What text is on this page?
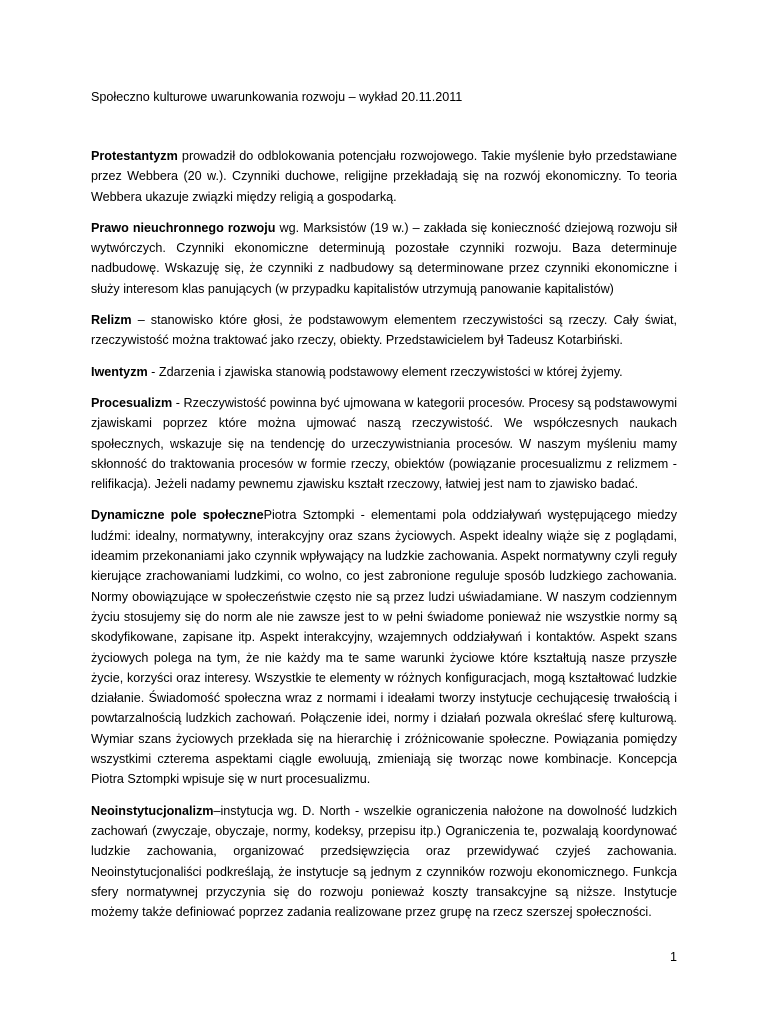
Społeczno kulturowe uwarunkowania rozwoju – wykład 20.11.2011

Protestantyzm prowadził do odblokowania potencjału rozwojowego. Takie myślenie było przedstawiane przez Webbera (20 w.). Czynniki duchowe, religijne przekładają się na rozwój ekonomiczny. To teoria Webbera ukazuje związki między religią a gospodarką.

Prawo nieuchronnego rozwoju wg. Marksistów (19 w.) – zakłada się konieczność dziejową rozwoju sił wytwórczych. Czynniki ekonomiczne determinują pozostałe czynniki rozwoju. Baza determinuje nadbudowę. Wskazuję się, że czynniki z nadbudowy są determinowane przez czynniki ekonomiczne i służy interesom klas panujących (w przypadku kapitalistów utrzymują panowanie kapitalistów)

Relizm – stanowisko które głosi, że podstawowym elementem rzeczywistości są rzeczy. Cały świat, rzeczywistość można traktować jako rzeczy, obiekty. Przedstawicielem był Tadeusz Kotarbiński.

Iwentyzm - Zdarzenia i zjawiska stanowią podstawowy element rzeczywistości w której żyjemy.

Procesualizm - Rzeczywistość powinna być ujmowana w kategorii procesów. Procesy są podstawowymi zjawiskami poprzez które można ujmować naszą rzeczywistość. We współczesnych naukach społecznych, wskazuje się na tendencję do urzeczywistniania procesów. W naszym myśleniu mamy skłonność do traktowania procesów w formie rzeczy, obiektów (powiązanie procesualizmu z relizmem - relifikacja). Jeżeli nadamy pewnemu zjawisku kształt rzeczowy, łatwiej jest nam to zjawisko badać.

Dynamiczne pole społecznePiotra Sztompki - elementami pola oddziaływań występującego miedzy ludźmi: idealny, normatywny, interakcyjny oraz szans życiowych. Aspekt idealny wiąże się z poglądami, ideamim przekonaniami jako czynnik wpływający na ludzkie zachowania. Aspekt normatywny czyli reguły kierujące zrachowaniami ludzkimi, co wolno, co jest zabronione reguluje sposób ludzkiego zachowania. Normy obowiązujące w społeczeństwie często nie są przez ludzi uświadamiane. W naszym codziennym życiu stosujemy się do norm ale nie zawsze jest to w pełni świadome ponieważ nie wszystkie normy są skodyfikowane, zapisane itp. Aspekt interakcyjny, wzajemnych oddziaływań i kontaktów. Aspekt szans życiowych polega na tym, że nie każdy ma te same warunki życiowe które kształtują nasze przyszłe życie, korzyści oraz interesy. Wszystkie te elementy w różnych konfiguracjach, mogą kształtować ludzkie działanie. Świadomość społeczna wraz z normami i ideałami tworzy instytucje cechującesię trwałością i powtarzalnością ludzkich zachowań. Połączenie idei, normy i działań pozwala określać sferę kulturową. Wymiar szans życiowych przekłada się na hierarchię i zróżnicowanie społeczne. Powiązania pomiędzy wszystkimi czterema aspektami ciągle ewoluują, zmieniają się tworząc nowe kombinacje. Koncepcja Piotra Sztompki wpisuje się w nurt procesualizmu.

Neoinstytucjonalizm–instytucja wg. D. North - wszelkie ograniczenia nałożone na dowolność ludzkich zachowań (zwyczaje, obyczaje, normy, kodeksy, przepisu itp.) Ograniczenia te, pozwalają koordynować ludzkie zachowania, organizować przedsięwzięcia oraz przewidywać czyjeś zachowania. Neoinstytucjonaliści podkreślają, że instytucje są jednym z czynników rozwoju ekonomicznego. Funkcja sfery normatywnej przyczynia się do rozwoju ponieważ koszty transakcyjne są niższe. Instytucje możemy także definiować poprzez zadania realizowane przez grupę na rzecz szerszej społeczności.

1
